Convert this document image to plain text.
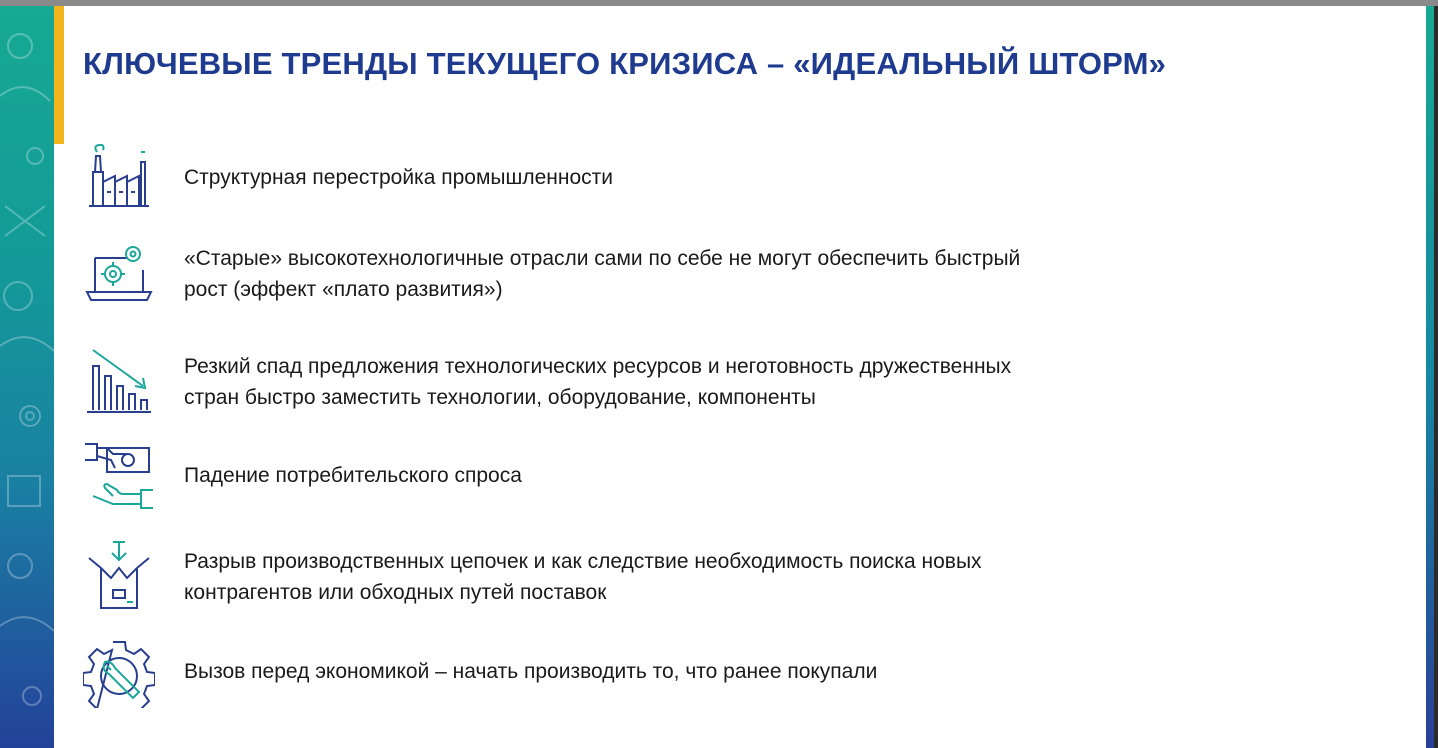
КЛЮЧЕВЫЕ ТРЕНДЫ ТЕКУЩЕГО КРИЗИСА – «ИДЕАЛЬНЫЙ ШТОРМ»
Структурная перестройка промышленности
«Старые» высокотехнологичные отрасли сами по себе не могут обеспечить быстрый
рост (эффект «плато развития»)
Резкий спад предложения технологических ресурсов и неготовность дружественных
стран быстро заместить технологии, оборудование, компоненты
Падение потребительского спроса
Разрыв производственных цепочек и как следствие необходимость поиска новых
контрагентов или обходных путей поставок
Вызов перед экономикой – начать производить то, что ранее покупали
